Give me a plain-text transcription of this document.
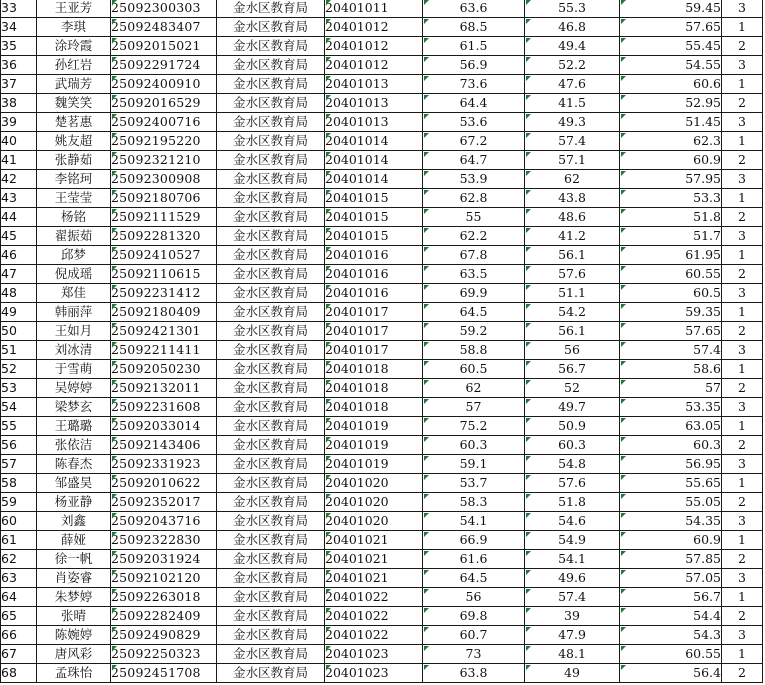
33	王亚芳	25092300303	金水区教育局	20401011	63.6	55.3	59.45	3
34	李琪	25092483407	金水区教育局	20401012	68.5	46.8	57.65	1
35	涂玲霞	25092015021	金水区教育局	20401012	61.5	49.4	55.45	2
36	孙红岩	25092291724	金水区教育局	20401012	56.9	52.2	54.55	3
37	武瑞芳	25092400910	金水区教育局	20401013	73.6	47.6	60.6	1
38	魏笑笑	25092016529	金水区教育局	20401013	64.4	41.5	52.95	2
39	楚茗惠	25092400716	金水区教育局	20401013	53.6	49.3	51.45	3
40	姚友超	25092195220	金水区教育局	20401014	67.2	57.4	62.3	1
41	张静茹	25092321210	金水区教育局	20401014	64.7	57.1	60.9	2
42	李铭珂	25092300908	金水区教育局	20401014	53.9	62	57.95	3
43	王莹莹	25092180706	金水区教育局	20401015	62.8	43.8	53.3	1
44	杨铭	25092111529	金水区教育局	20401015	55	48.6	51.8	2
45	翟振茹	25092281320	金水区教育局	20401015	62.2	41.2	51.7	3
46	邱梦	25092410527	金水区教育局	20401016	67.8	56.1	61.95	1
47	倪成瑶	25092110615	金水区教育局	20401016	63.5	57.6	60.55	2
48	郑佳	25092231412	金水区教育局	20401016	69.9	51.1	60.5	3
49	韩丽萍	25092180409	金水区教育局	20401017	64.5	54.2	59.35	1
50	王如月	25092421301	金水区教育局	20401017	59.2	56.1	57.65	2
51	刘冰清	25092211411	金水区教育局	20401017	58.8	56	57.4	3
52	于雪萌	25092050230	金水区教育局	20401018	60.5	56.7	58.6	1
53	吴婷婷	25092132011	金水区教育局	20401018	62	52	57	2
54	梁梦玄	25092231608	金水区教育局	20401018	57	49.7	53.35	3
55	王璐璐	25092033014	金水区教育局	20401019	75.2	50.9	63.05	1
56	张依洁	25092143406	金水区教育局	20401019	60.3	60.3	60.3	2
57	陈春杰	25092331923	金水区教育局	20401019	59.1	54.8	56.95	3
58	邹盛昊	25092010622	金水区教育局	20401020	53.7	57.6	55.65	1
59	杨亚静	25092352017	金水区教育局	20401020	58.3	51.8	55.05	2
60	刘鑫	25092043716	金水区教育局	20401020	54.1	54.6	54.35	3
61	薛娅	25092322830	金水区教育局	20401021	66.9	54.9	60.9	1
62	徐一帆	25092031924	金水区教育局	20401021	61.6	54.1	57.85	2
63	肖姿睿	25092102120	金水区教育局	20401021	64.5	49.6	57.05	3
64	朱梦婷	25092263018	金水区教育局	20401022	56	57.4	56.7	1
65	张晴	25092282409	金水区教育局	20401022	69.8	39	54.4	2
66	陈婉婷	25092490829	金水区教育局	20401022	60.7	47.9	54.3	3
67	唐风彩	25092250323	金水区教育局	20401023	73	48.1	60.55	1
68	孟珠怡	25092451708	金水区教育局	20401023	63.8	49	56.4	2
